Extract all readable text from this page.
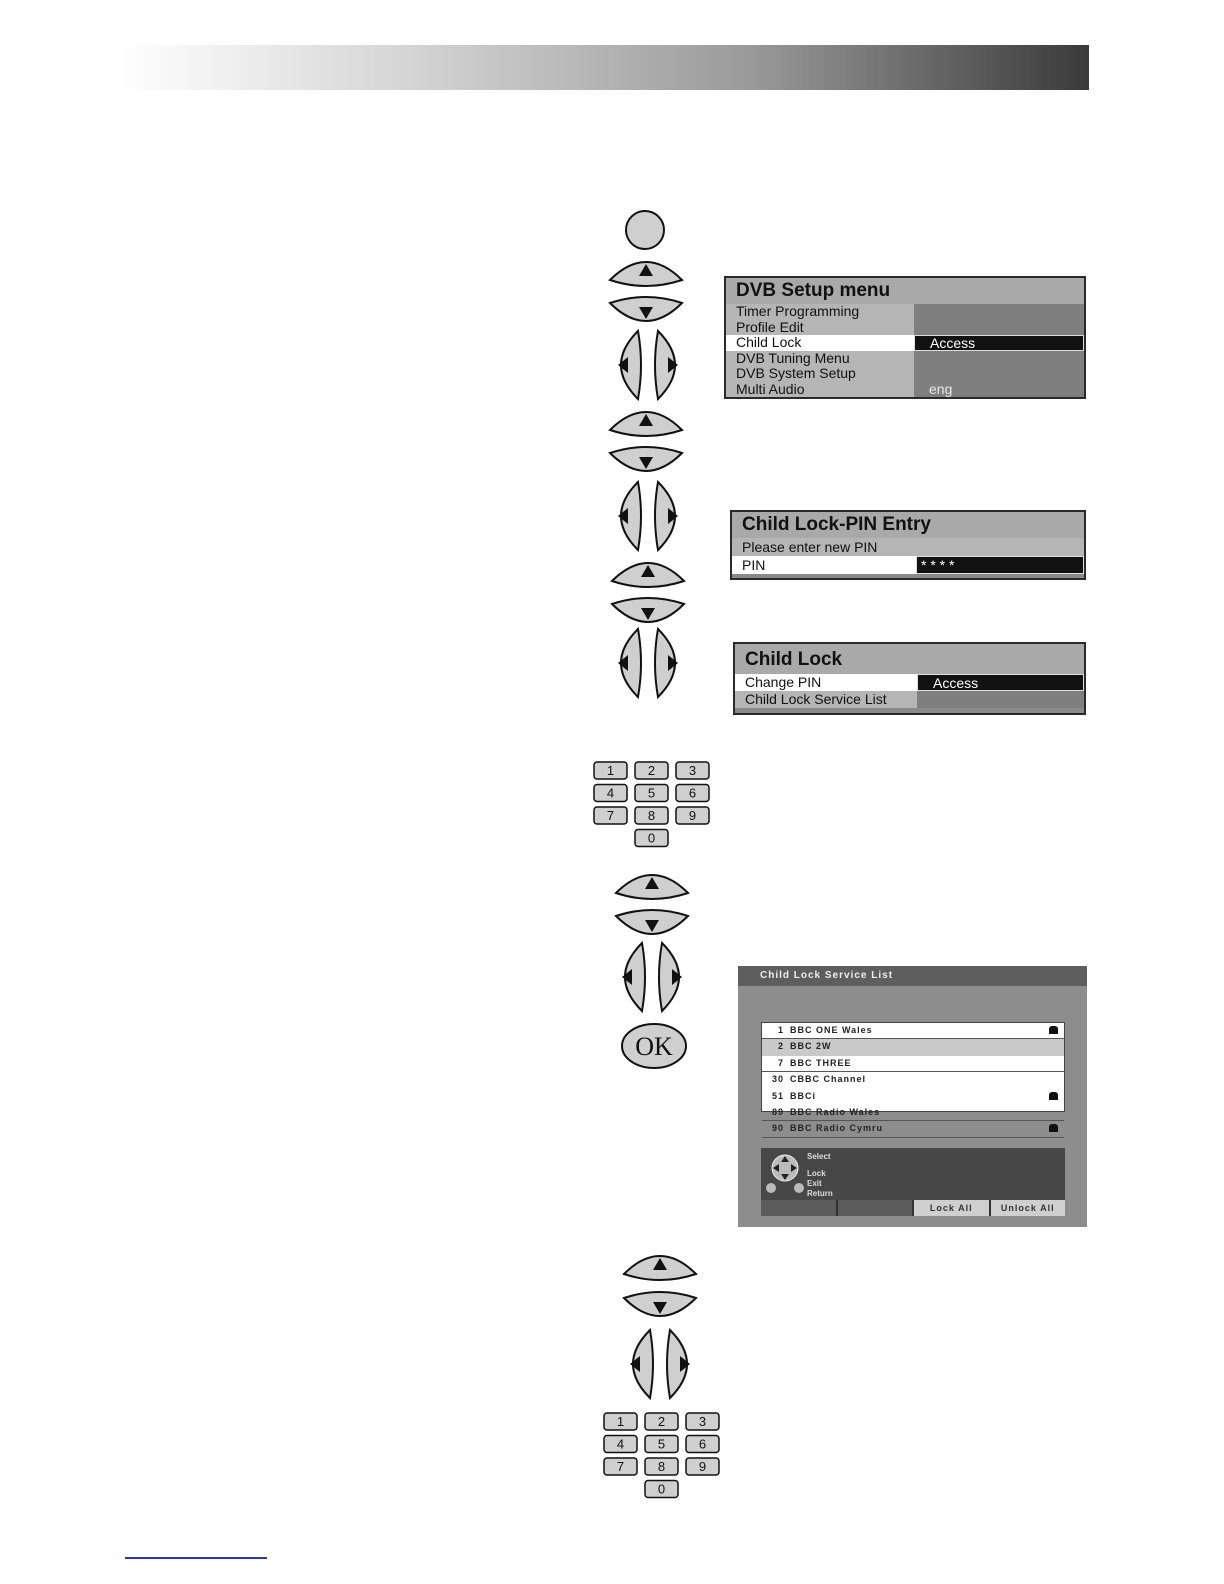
1	2	3
4	5	6
7	8	9
0
OK
1	2	3
4	5	6
7	8	9
0
DVB Setup menu
Timer Programming
Profile Edit
Child Lock	Access
DVB Tuning Menu
DVB System Setup
Multi Audio	eng
Child Lock-PIN Entry
Please enter new PIN
PIN	* * * *
Child Lock
Change PIN	Access
Child Lock Service List
Child Lock Service List
1 BBC ONE Wales
2 BBC 2W
7 BBC THREE
30 CBBC Channel
51 BBCi
89 BBC Radio Wales
90 BBC Radio Cymru
Select
Lock
Exit
Return
Lock All	Unlock All
